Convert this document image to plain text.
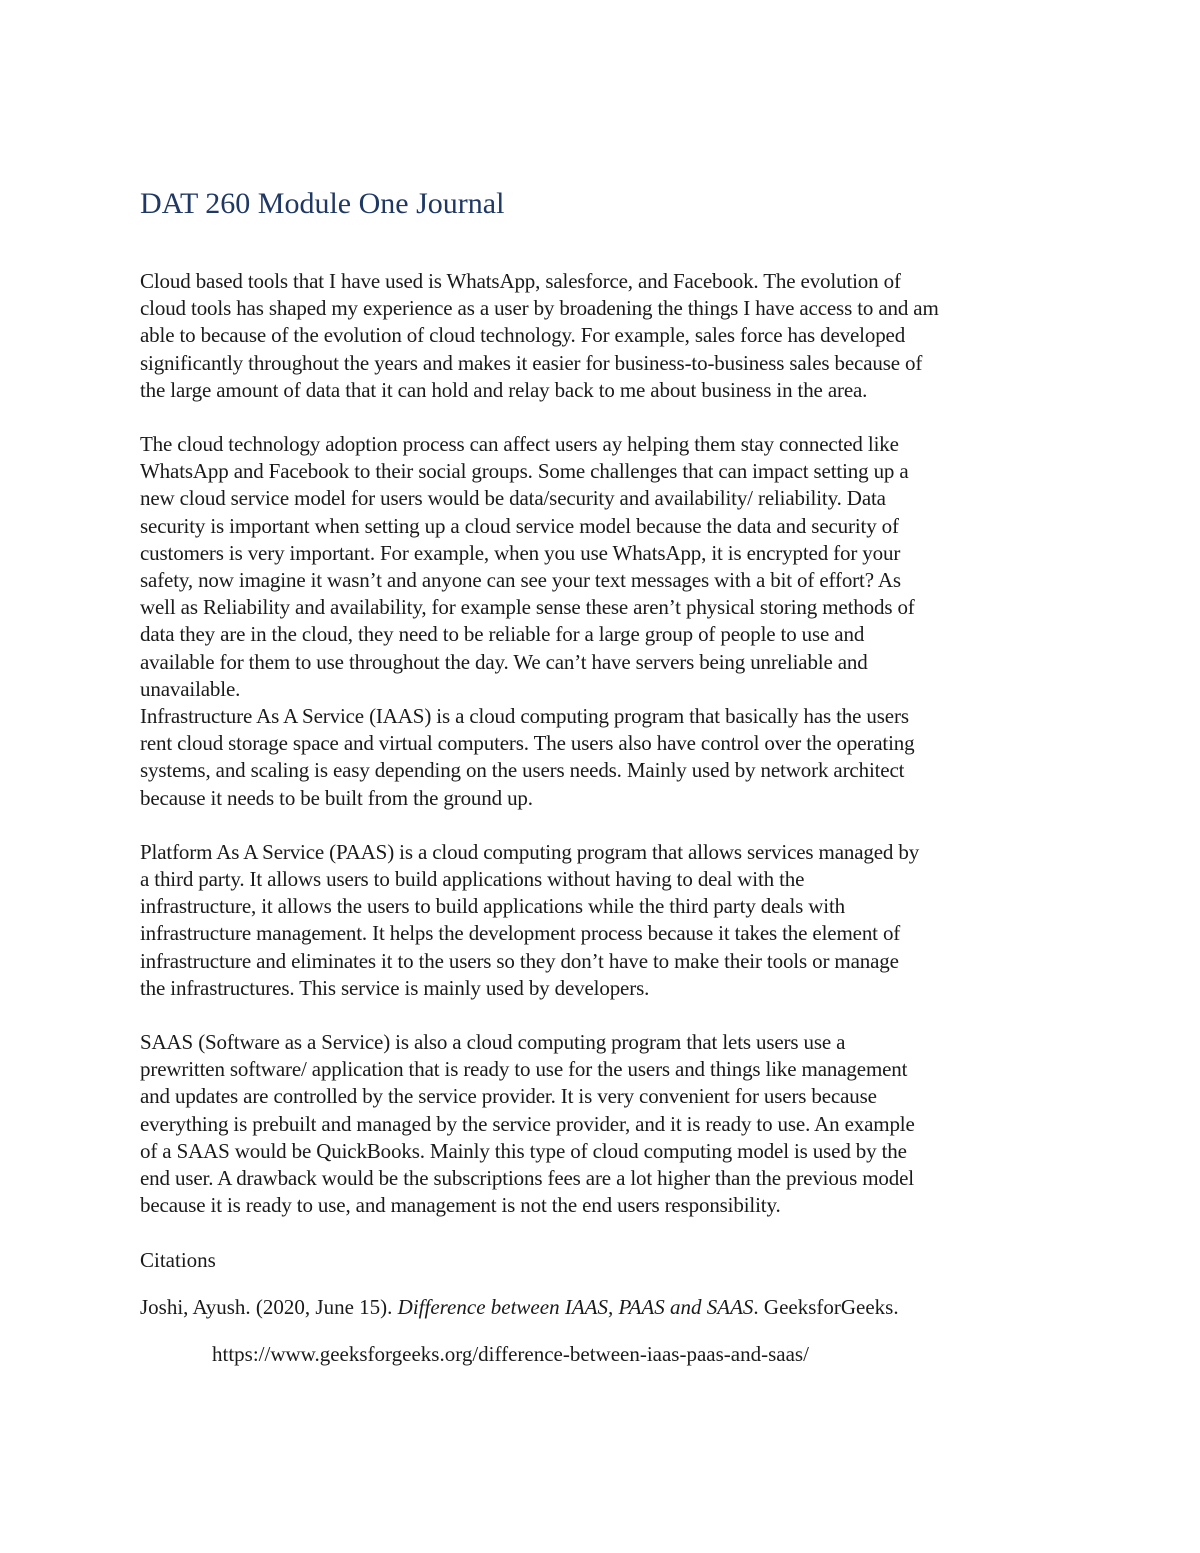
DAT 260 Module One Journal

Cloud based tools that I have used is WhatsApp, salesforce, and Facebook. The evolution of
cloud tools has shaped my experience as a user by broadening the things I have access to and am
able to because of the evolution of cloud technology. For example, sales force has developed
significantly throughout the years and makes it easier for business-to-business sales because of
the large amount of data that it can hold and relay back to me about business in the area.

The cloud technology adoption process can affect users ay helping them stay connected like
WhatsApp and Facebook to their social groups. Some challenges that can impact setting up a
new cloud service model for users would be data/security and availability/ reliability. Data
security is important when setting up a cloud service model because the data and security of
customers is very important. For example, when you use WhatsApp, it is encrypted for your
safety, now imagine it wasn’t and anyone can see your text messages with a bit of effort? As
well as Reliability and availability, for example sense these aren’t physical storing methods of
data they are in the cloud, they need to be reliable for a large group of people to use and
available for them to use throughout the day. We can’t have servers being unreliable and
unavailable.

Infrastructure As A Service (IAAS) is a cloud computing program that basically has the users
rent cloud storage space and virtual computers. The users also have control over the operating
systems, and scaling is easy depending on the users needs. Mainly used by network architect
because it needs to be built from the ground up.

Platform As A Service (PAAS) is a cloud computing program that allows services managed by
a third party. It allows users to build applications without having to deal with the
infrastructure, it allows the users to build applications while the third party deals with
infrastructure management. It helps the development process because it takes the element of
infrastructure and eliminates it to the users so they don’t have to make their tools or manage
the infrastructures. This service is mainly used by developers.

SAAS (Software as a Service) is also a cloud computing program that lets users use a
prewritten software/ application that is ready to use for the users and things like management
and updates are controlled by the service provider. It is very convenient for users because
everything is prebuilt and managed by the service provider, and it is ready to use. An example
of a SAAS would be QuickBooks. Mainly this type of cloud computing model is used by the
end user. A drawback would be the subscriptions fees are a lot higher than the previous model
because it is ready to use, and management is not the end users responsibility.

Citations

Joshi, Ayush. (2020, June 15). Difference between IAAS, PAAS and SAAS. GeeksforGeeks.

https://www.geeksforgeeks.org/difference-between-iaas-paas-and-saas/
